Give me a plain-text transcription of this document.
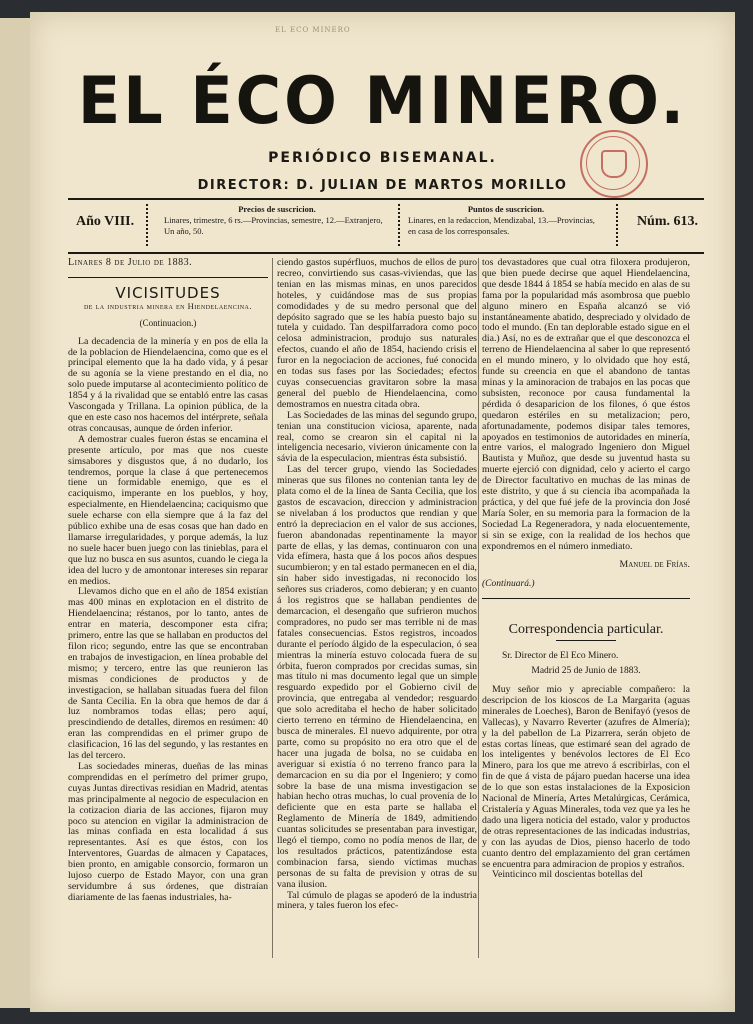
EL ECO MINERO
EL ÉCO MINERO.
PERIÓDICO BISEMANAL.
DIRECTOR: D. JULIAN DE MARTOS MORILLO
Año VIII.
Precios de suscricion.
Linares, trimestre, 6 rs.—Provincias, semestre, 12.—Extranjero, Un año, 50.
Puntos de suscricion.
Linares, en la redaccion, Mendizabal, 13.—Provincias, en casa de los corresponsales.
Núm. 613.
Linares 8 de Julio de 1883.
VICISITUDES
de la industria minera en Hiendelaencina.
(Continuacion.)

La decadencia de la minería y en pos de ella la de la poblacion de Hiendelaencina, como que es el principal elemento que la ha dado vida, y á pesar de su agonía se la viene prestando en el dia, no solo puede imputarse al acontecimiento político de 1854 y á la rivalidad que se entabló entre las casas Vascongada y Trillana. La opinion pública, de la que en este caso nos hacemos del intérprete, señala otras concausas, aunque de órden inferior.

A demostrar cuales fueron éstas se encamina el presente artículo, por mas que nos cueste simsabores y disgustos que, á no dudarlo, los tendremos, porque la clase á que pertenecemos tiene un formidable enemigo, que es el caciquismo, imperante en los pueblos, y hoy, especialmente, en Hiendelaencina; caciquismo que suele echarse con ella siempre que á la faz del público exhibe una de esas cosas que han dado en llamarse irregularidades, y porque además, la luz no suele hacer buen juego con las tinieblas, para el que luz no busca en sus asuntos, cuando le ciega la idea del lucro y de amontonar intereses sin reparar en medios.

Llevamos dicho que en el año de 1854 existían mas 400 minas en explotacion en el distrito de Hiendelaencina; réstanos, por lo tanto, antes de entrar en materia, descomponer esta cifra; primero, entre las que se hallaban en productos del filon rico; segundo, entre las que se encontraban en trabajos de investigacion, en línea probable del mismo; y tercero, entre las que reunieron las mismas condiciones de productos y de investigacion, se hallaban situadas fuera del filon de Santa Cecilia. En la obra que hemos de dar á luz nombramos todas ellas; pero aquí, prescindiendo de detalles, diremos en resúmen: 40 eran las comprendidas en el primer grupo de clasificacion, 16 las del segundo, y las restantes en las del tercero.

Las sociedades mineras, dueñas de las minas comprendidas en el perímetro del primer grupo, cuyas Juntas directivas residian en Madrid, atentas mas principalmente al negocio de especulacion en la cotizacion diaria de las acciones, fijaron muy poco su atencion en vigilar la administracion de las minas confiada en esta localidad á sus representantes. Así es que éstos, con los Interventores, Guardas de almacen y Capataces, bien pronto, en amigable consorcio, formaron un lujoso cuerpo de Estado Mayor, con una gran servidumbre á sus órdenes, que distraían diariamente de las faenas industriales, ha-

ciendo gastos supérfluos, muchos de ellos de puro recreo, convirtiendo sus casas-viviendas, que las tenian en las mismas minas, en unos parecidos hoteles, y cuidándose mas de sus propias comodidades y de su medro personal que del depósito sagrado que se les había puesto bajo su tutela y cuidado. Tan despilfarradora como poco celosa administracion, produjo sus naturales efectos, cuando el año de 1854, haciendo crisis el furor en la negociacion de acciones, fué conocida en todas sus fases por las Sociedades; efectos cuyas consecuencias gravitaron sobre la masa general del pueblo de Hiendelaencina, como demostramos en nuestra citada obra.

Las Sociedades de las minas del segundo grupo, tenian una constitucion viciosa, aparente, nada real, como se crearon sin el capital ni la inteligencia necesario, vivieron únicamente con la sávia de la especulacion, mientras ésta subsistió.

Las del tercer grupo, viendo las Sociedades mineras que sus filones no contenian tanta ley de plata como el de la línea de Santa Cecilia, que los gastos de escavacion, direccion y administracion se nivelaban á los productos que rendian y que entró la depreciacion en el valor de sus acciones, fueron abandonadas repentinamente la mayor parte de ellas, y las demas, continuaron con una vida efímera, hasta que á los pocos años despues sucumbieron; y en tal estado permanecen en el dia, sin haber sido investigadas, ni reconocido los señores sus criaderos, como debieran; y en cuanto á los registros que se hallaban pendientes de demarcacion, el desengaño que sufrieron muchos compradores, no pudo ser mas terrible ni de mas fatales consecuencias. Estos registros, incoados durante el período álgido de la especulacion, ó sea mientras la minería estuvo colocada fuera de su órbita, fueron comprados por crecidas sumas, sin mas título ni mas documento legal que un simple resguardo expedido por el Gobierno civil de provincia, que entregaba al vendedor; resguardo que solo acreditaba el hecho de haber solicitado cierto terreno en término de Hiendelaencina, en busca de minerales. El nuevo adquirente, por otra parte, como su propósito no era otro que el de hacer una jugada de bolsa, no se cuidaba en averiguar si existía ó no terreno franco para la demarcacion en su dia por el Ingeniero; y como sobre la base de una misma investigacion se habian hecho otras muchas, lo cual provenía de lo deficiente que en esta parte se hallaba el Reglamento de Minería de 1849, admitiendo cuantas solicitudes se presentaban para investigar, llegó el tiempo, como no podía menos de llar, de los resultados prácticos, patentizándose esta combinacion farsa, siendo víctimas muchas personas de su falta de prevision y otras de su vana ilusion.

Tal cúmulo de plagas se apoderó de la industria minera, y tales fueron los efec-

tos devastadores que cual otra filoxera produjeron, que bien puede decirse que aquel Hiendelaencina, que desde 1844 á 1854 se había mecido en alas de su fama por la popularidad más asombrosa que pueblo alguno minero en España alcanzó se vió instantáneamente abatido, despreciado y olvidado de todo el mundo. (En tan deplorable estado sigue en el dia.) Así, no es de extrañar que el que desconozca el terreno de Hiendelaencina al saber lo que representó en el mundo minero, y lo olvidado que hoy está, funde su creencia en que el abandono de tantas minas y la aminoracion de trabajos en las pocas que subsisten, reconoce por causa fundamental la pérdida ó desaparicion de los filones, ó que éstos quedaron estériles en su metalizacion; pero, afortunadamente, podemos disipar tales temores, apoyados en testimonios de autoridades en minería, entre varios, el malogrado Ingeniero don Miguel Bautista y Muñoz, que desde su juventud hasta su muerte ejerció con dignidad, celo y acierto el cargo de Director facultativo en muchas de las minas de este distrito, y que á su ciencia iba acompañada la práctica, y del que fué jefe de la provincia don José María Soler, en su memoria para la formacion de la Sociedad La Regeneradora, y nada elocuentemente, si sin se exige, con la realidad de los hechos que expondremos en el número inmediato.

Manuel de Frías.
(Continuará.)
Correspondencia particular.
Sr. Director de El Eco Minero.
Madrid 25 de Junio de 1883.

Muy señor mio y apreciable compañero: la descripcion de los kioscos de La Margarita (aguas minerales de Loeches), Baron de Benifayó (yesos de Vallecas), y Navarro Reverter (azufres de Almería); y la del pabellon de La Pizarrera, serán objeto de estas cortas líneas, que estimaré sean del agrado de los inteligentes y benévolos lectores de El Eco Minero, para los que me atrevo á escribirlas, con el fin de que á vista de pájaro puedan hacerse una idea de lo que son estas instalaciones de la Exposicion Nacional de Minería, Artes Metalúrgicas, Cerámica, Cristalería y Aguas Minerales, toda vez que ya les he dado una ligera noticia del estado, valor y productos de otras representaciones de las indicadas industrias, y con las ayudas de Dios, pienso hacerlo de todo cuanto dentro del emplazamiento del gran certámen se encuentra para admiracion de propios y estraños.

Veinticinco mil doscientas botellas del
